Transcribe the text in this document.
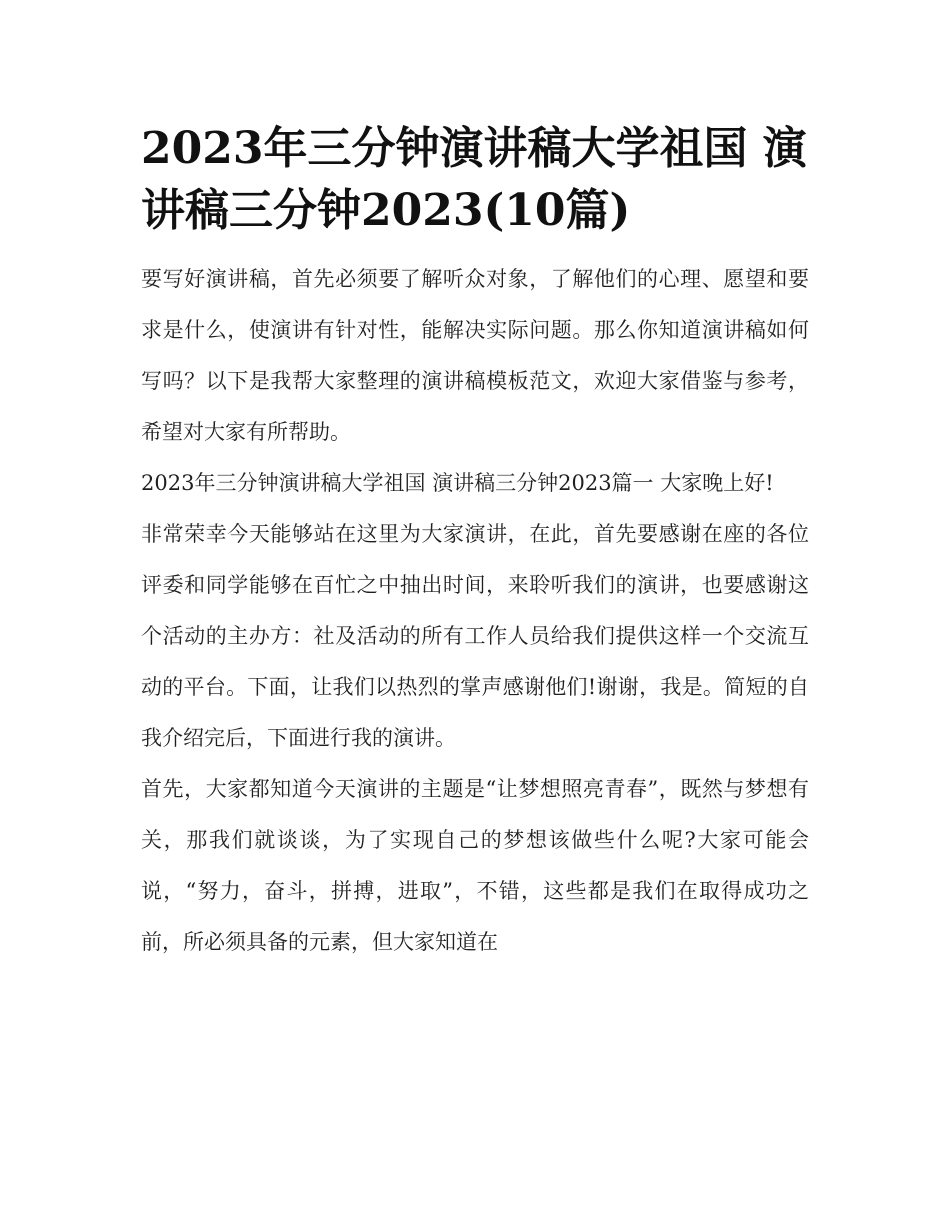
2023年三分钟演讲稿大学祖国 演讲稿三分钟2023(10篇)

要写好演讲稿，首先必须要了解听众对象，了解他们的心理、愿望和要求是什么，使演讲有针对性，能解决实际问题。那么你知道演讲稿如何写吗？以下是我帮大家整理的演讲稿模板范文，欢迎大家借鉴与参考，希望对大家有所帮助。

2023年三分钟演讲稿大学祖国 演讲稿三分钟2023篇一 大家晚上好!

非常荣幸今天能够站在这里为大家演讲，在此，首先要感谢在座的各位评委和同学能够在百忙之中抽出时间，来聆听我们的演讲，也要感谢这个活动的主办方：社及活动的所有工作人员给我们提供这样一个交流互动的平台。下面，让我们以热烈的掌声感谢他们!谢谢，我是。简短的自我介绍完后，下面进行我的演讲。

首先，大家都知道今天演讲的主题是“让梦想照亮青春”，既然与梦想有关，那我们就谈谈，为了实现自己的梦想该做些什么呢?大家可能会说，“努力，奋斗，拼搏，进取”，不错，这些都是我们在取得成功之前，所必须具备的元素，但大家知道在
